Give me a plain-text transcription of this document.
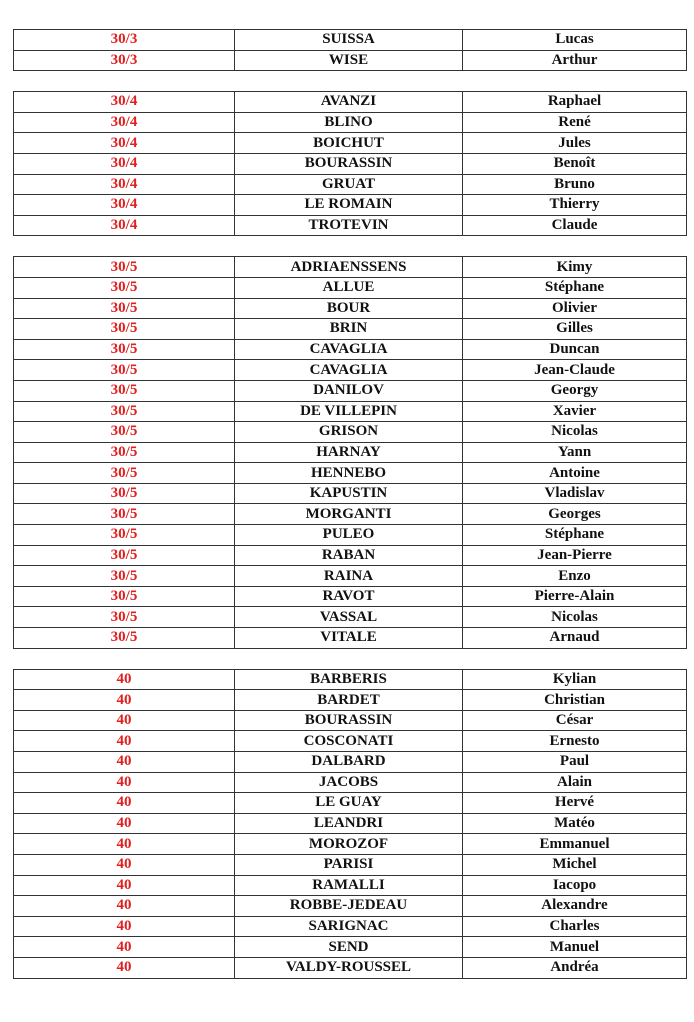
30/3	SUISSA	Lucas
30/3	WISE	Arthur
30/4	AVANZI	Raphael
30/4	BLINO	René
30/4	BOICHUT	Jules
30/4	BOURASSIN	Benoît
30/4	GRUAT	Bruno
30/4	LE ROMAIN	Thierry
30/4	TROTEVIN	Claude
30/5	ADRIAENSSENS	Kimy
30/5	ALLUE	Stéphane
30/5	BOUR	Olivier
30/5	BRIN	Gilles
30/5	CAVAGLIA	Duncan
30/5	CAVAGLIA	Jean-Claude
30/5	DANILOV	Georgy
30/5	DE VILLEPIN	Xavier
30/5	GRISON	Nicolas
30/5	HARNAY	Yann
30/5	HENNEBO	Antoine
30/5	KAPUSTIN	Vladislav
30/5	MORGANTI	Georges
30/5	PULEO	Stéphane
30/5	RABAN	Jean-Pierre
30/5	RAINA	Enzo
30/5	RAVOT	Pierre-Alain
30/5	VASSAL	Nicolas
30/5	VITALE	Arnaud
40	BARBERIS	Kylian
40	BARDET	Christian
40	BOURASSIN	César
40	COSCONATI	Ernesto
40	DALBARD	Paul
40	JACOBS	Alain
40	LE GUAY	Hervé
40	LEANDRI	Matéo
40	MOROZOF	Emmanuel
40	PARISI	Michel
40	RAMALLI	Iacopo
40	ROBBE-JEDEAU	Alexandre
40	SARIGNAC	Charles
40	SEND	Manuel
40	VALDY-ROUSSEL	Andréa
